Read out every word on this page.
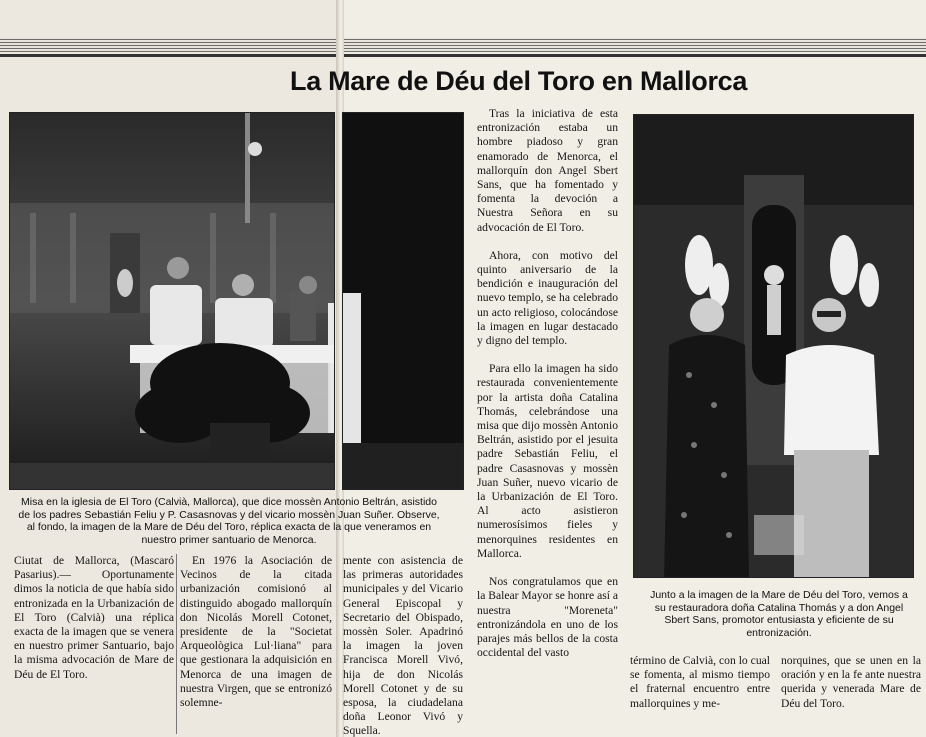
La Mare de Déu del Toro en Mallorca
Misa en la iglesia de El Toro (Calvià, Mallorca), que dice mossèn Antonio Beltrán, asistido de los padres Sebastián Feliu y P. Casasnovas y del vicario mossèn Juan Suñer. Observe, al fondo, la imagen de la Mare de Déu del Toro, réplica exacta de la que veneramos en nuestro primer santuario de Menorca.
Junto a la imagen de la Mare de Déu del Toro, vemos a su restauradora doña Catalina Thomás y a don Angel Sbert Sans, promotor entusiasta y eficiente de su entronización.

Ciutat de Mallorca, (Mascaró Pasarius).— Oportunamente dimos la noticia de que había sido entronizada en la Urbanización de El Toro (Calvià) una réplica exacta de la imagen que se venera en nuestro primer Santuario, bajo la misma advocación de Mare de Déu de El Toro.

En 1976 la Asociación de Vecinos de la citada urbanización comisionó al distinguido abogado mallorquín don Nicolás Morell Cotonet, presidente de la "Societat Arqueològica Lul·liana" para que gestionara la adquisición en Menorca de una imagen de nuestra Virgen, que se entronizó solemne-

mente con asistencia de las primeras autoridades municipales y del Vicario General Episcopal y Secretario del Obispado, mossèn Soler. Apadrinó la imagen la joven Francisca Morell Vivó, hija de don Nicolás Morell Cotonet y de su esposa, la ciudadelana doña Leonor Vivó y Squella.

Tras la iniciativa de esta entronización estaba un hombre piadoso y gran enamorado de Menorca, el mallorquín don Angel Sbert Sans, que ha fomentado y fomenta la devoción a Nuestra Señora en su advocación de El Toro.

Ahora, con motivo del quinto aniversario de la bendición e inauguración del nuevo templo, se ha celebrado un acto religioso, colocándose la imagen en lugar destacado y digno del templo.

Para ello la imagen ha sido restaurada convenientemente por la artista doña Catalina Thomás, celebrándose una misa que dijo mossèn Antonio Beltrán, asistido por el jesuita padre Sebastián Feliu, el padre Casasnovas y mossèn Juan Suñer, nuevo vicario de la Urbanización de El Toro. Al acto asistieron numerosísimos fieles y menorquines residentes en Mallorca.

Nos congratulamos que en la Balear Mayor se honre así a nuestra "Moreneta" entronizándola en uno de los parajes más bellos de la costa occidental del vasto

término de Calvià, con lo cual se fomenta, al mismo tiempo el fraternal encuentro entre mallorquines y me-

norquines, que se unen en la oración y en la fe ante nuestra querida y venerada Mare de Déu del Toro.
